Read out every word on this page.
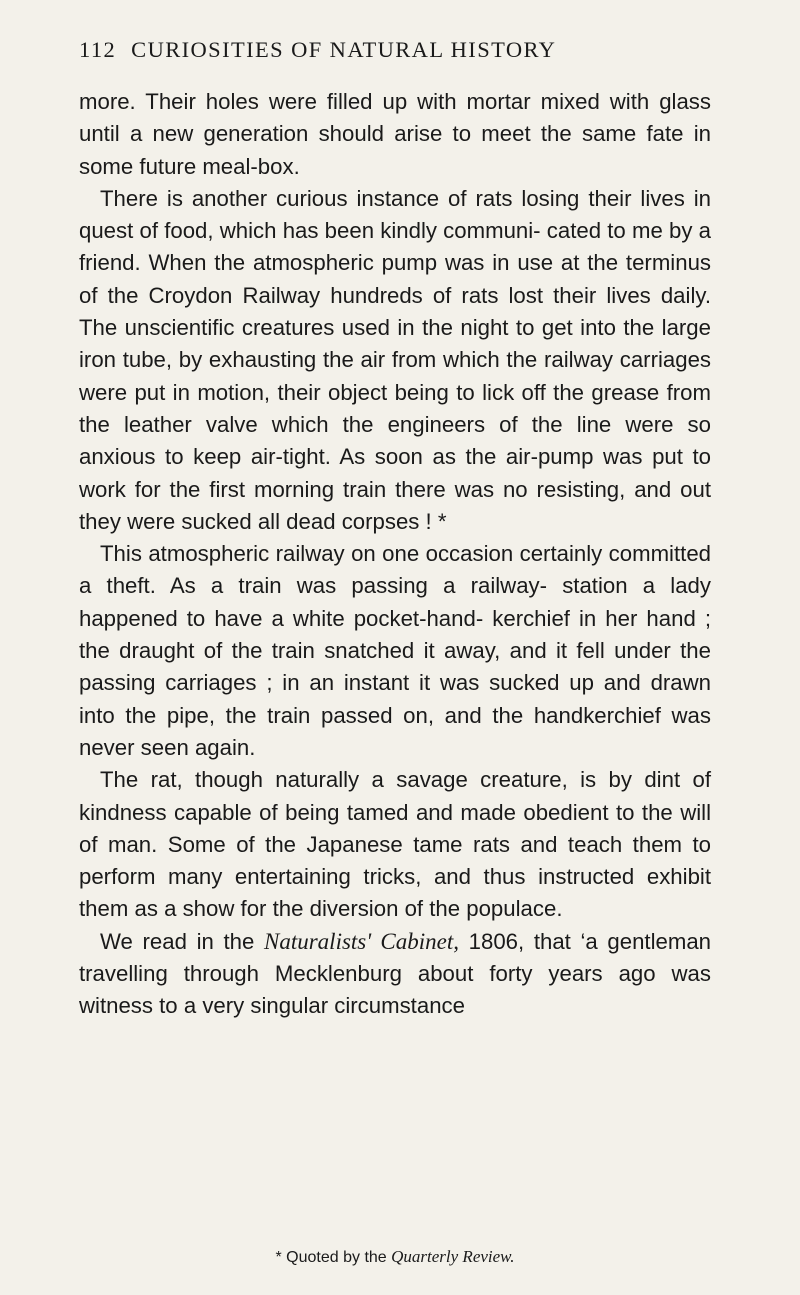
112 CURIOSITIES OF NATURAL HISTORY

more. Their holes were filled up with mortar mixed with glass until a new generation should arise to meet the same fate in some future meal-box.

There is another curious instance of rats losing their lives in quest of food, which has been kindly communi- cated to me by a friend. When the atmospheric pump was in use at the terminus of the Croydon Railway hundreds of rats lost their lives daily. The unscientific creatures used in the night to get into the large iron tube, by exhausting the air from which the railway carriages were put in motion, their object being to lick off the grease from the leather valve which the engineers of the line were so anxious to keep air-tight. As soon as the air-pump was put to work for the first morning train there was no resisting, and out they were sucked all dead corpses ! *

This atmospheric railway on one occasion certainly committed a theft. As a train was passing a railway- station a lady happened to have a white pocket-hand- kerchief in her hand ; the draught of the train snatched it away, and it fell under the passing carriages ; in an instant it was sucked up and drawn into the pipe, the train passed on, and the handkerchief was never seen again.

The rat, though naturally a savage creature, is by dint of kindness capable of being tamed and made obedient to the will of man. Some of the Japanese tame rats and teach them to perform many entertaining tricks, and thus instructed exhibit them as a show for the diversion of the populace.

We read in the Naturalists' Cabinet, 1806, that ‘a gentleman travelling through Mecklenburg about forty years ago was witness to a very singular circumstance

* Quoted by the Quarterly Review.
